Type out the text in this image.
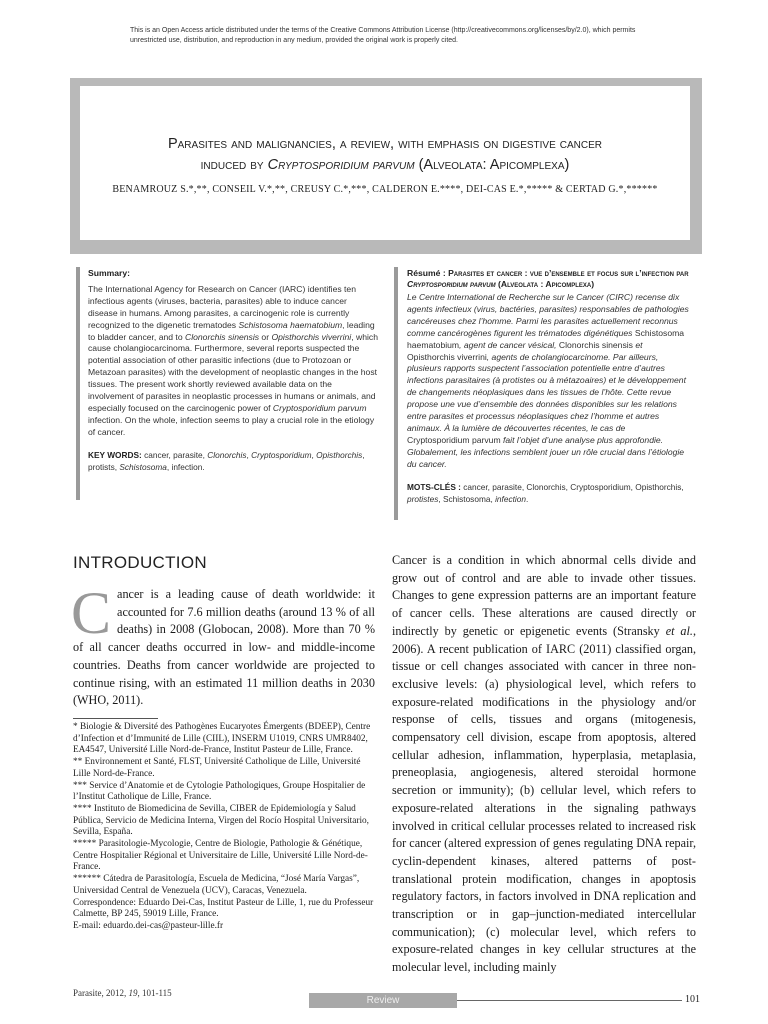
This is an Open Access article distributed under the terms of the Creative Commons Attribution License (http://creativecommons.org/licenses/by/2.0), which permits unrestricted use, distribution, and reproduction in any medium, provided the original work is properly cited.
Parasites and malignancies, a review, with emphasis on digestive cancer
induced by Cryptosporidium parvum (Alveolata: Apicomplexa)
BENAMROUZ S.*,**, CONSEIL V.*,**, CREUSY C.*,***, CALDERON E.****, DEI-CAS E.*,***** & CERTAD G.*,******

Summary:

The International Agency for Research on Cancer (IARC) identifies ten infectious agents (viruses, bacteria, parasites) able to induce cancer disease in humans. Among parasites, a carcinogenic role is currently recognized to the digenetic trematodes Schistosoma haematobium, leading to bladder cancer, and to Clonorchis sinensis or Opisthorchis viverrini, which cause cholangiocarcinoma. Furthermore, several reports suspected the potential association of other parasitic infections (due to Protozoan or Metazoan parasites) with the development of neoplastic changes in the host tissues. The present work shortly reviewed available data on the involvement of parasites in neoplastic processes in humans or animals, and especially focused on the carcinogenic power of Cryptosporidium parvum infection. On the whole, infection seems to play a crucial role in the etiology of cancer.

KEY WORDS: cancer, parasite, Clonorchis, Cryptosporidium, Opisthorchis, protists, Schistosoma, infection.

Résumé : Parasites et cancer : vue d’ensemble et focus sur l’infection par Cryptosporidium parvum (Alveolata : Apicomplexa)

Le Centre International de Recherche sur le Cancer (CIRC) recense dix agents infectieux (virus, bactéries, parasites) responsables de pathologies cancéreuses chez l’homme. Parmi les parasites actuellement reconnus comme cancérogènes figurent les trématodes digénétiques Schistosoma haematobium, agent de cancer vésical, Clonorchis sinensis et Opisthorchis viverrini, agents de cholangiocarcinome. Par ailleurs, plusieurs rapports suspectent l’association potentielle entre d’autres infections parasitaires (à protistes ou à métazoaires) et le développement de changements néoplasiques dans les tissues de l’hôte. Cette revue propose une vue d’ensemble des données disponibles sur les relations entre parasites et processus néoplasiques chez l’homme et autres animaux. À la lumière de découvertes récentes, le cas de Cryptosporidium parvum fait l’objet d’une analyse plus approfondie. Globalement, les infections semblent jouer un rôle crucial dans l’étiologie du cancer.

MOTS-CLÉS : cancer, parasite, Clonorchis, Cryptosporidium, Opisthorchis, protistes, Schistosoma, infection.

INTRODUCTION
Cancer is a leading cause of death worldwide: it accounted for 7.6 million deaths (around 13 % of all deaths) in 2008 (Globocan, 2008). More than 70 % of all cancer deaths occurred in low- and middle-income countries. Deaths from cancer worldwide are projected to continue rising, with an estimated 11 million deaths in 2030 (WHO, 2011).

* Biologie & Diversité des Pathogènes Eucaryotes Émergents (BDEEP), Centre d’Infection et d’Immunité de Lille (CIIL), INSERM U1019, CNRS UMR8402, EA4547, Université Lille Nord-de-France, Institut Pasteur de Lille, France.

** Environnement et Santé, FLST, Université Catholique de Lille, Université Lille Nord-de-France.

*** Service d’Anatomie et de Cytologie Pathologiques, Groupe Hospitalier de l’Institut Catholique de Lille, France.

**** Instituto de Biomedicina de Sevilla, CIBER de Epidemiología y Salud Pública, Servicio de Medicina Interna, Virgen del Rocío Hospital Universitario, Sevilla, España.

***** Parasitologie-Mycologie, Centre de Biologie, Pathologie & Génétique, Centre Hospitalier Régional et Universitaire de Lille, Université Lille Nord-de-France.

****** Cátedra de Parasitología, Escuela de Medicina, “José María Vargas”, Universidad Central de Venezuela (UCV), Caracas, Venezuela.

Correspondence: Eduardo Dei-Cas, Institut Pasteur de Lille, 1, rue du Professeur Calmette, BP 245, 59019 Lille, France.

E-mail: eduardo.dei-cas@pasteur-lille.fr

Cancer is a condition in which abnormal cells divide and grow out of control and are able to invade other tissues. Changes to gene expression patterns are an important feature of cancer cells. These alterations are caused directly or indirectly by genetic or epigenetic events (Stransky et al., 2006). A recent publication of IARC (2011) classified organ, tissue or cell changes associated with cancer in three non-exclusive levels: (a) physiological level, which refers to exposure-related modifications in the physiology and/or response of cells, tissues and organs (mitogenesis, compensatory cell division, escape from apoptosis, altered cellular adhesion, inflammation, hyperplasia, metaplasia, preneoplasia, angiogenesis, altered steroidal hormone secretion or immunity); (b) cellular level, which refers to exposure-related alterations in the signaling pathways involved in critical cellular processes related to increased risk for cancer (altered expression of genes regulating DNA repair, cyclin-dependent kinases, altered patterns of post-translational protein modification, changes in apoptosis regulatory factors, in factors involved in DNA replication and transcription or in gap–junction-mediated intercellular communication); (c) molecular level, which refers to exposure-related changes in key cellular structures at the molecular level, including mainly
Parasite, 2012, 19, 101-115
Review	101
